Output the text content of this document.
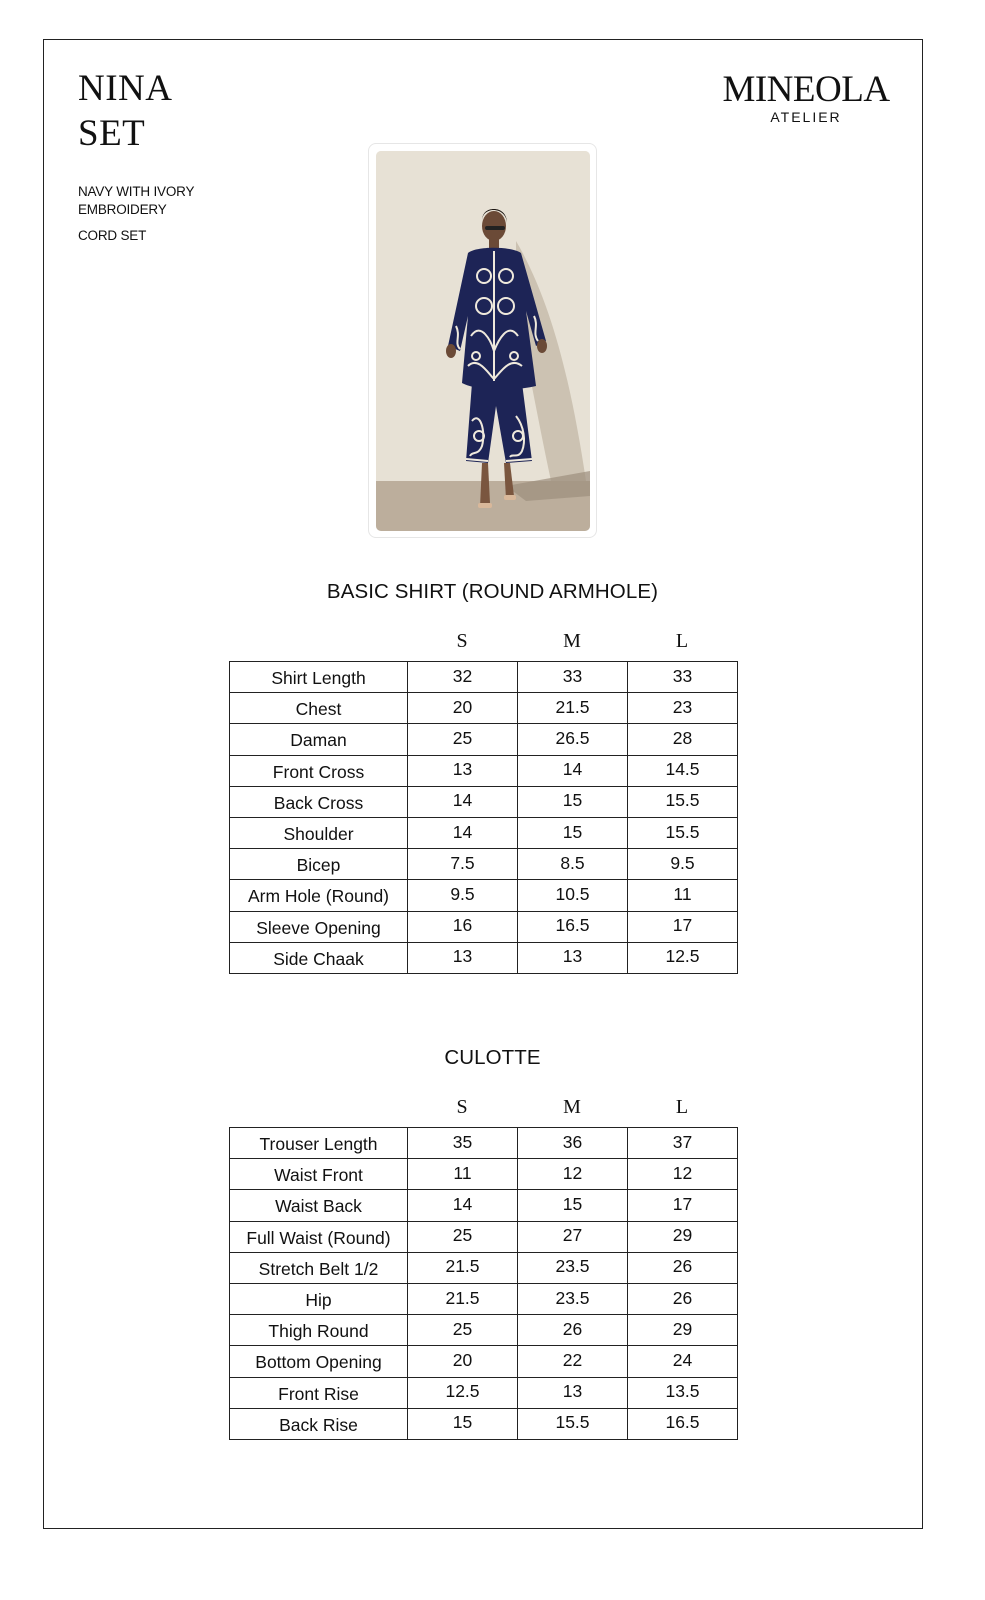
NINA
SET
NAVY WITH IVORY EMBROIDERY
CORD SET
MINEOLA
ATELIER
BASIC SHIRT (ROUND ARMHOLE)
S	M	L
Shirt Length	32	33	33
Chest	20	21.5	23
Daman	25	26.5	28
Front Cross	13	14	14.5
Back Cross	14	15	15.5
Shoulder	14	15	15.5
Bicep	7.5	8.5	9.5
Arm Hole (Round)	9.5	10.5	11
Sleeve Opening	16	16.5	17
Side Chaak	13	13	12.5
CULOTTE
S	M	L
Trouser Length	35	36	37
Waist Front	11	12	12
Waist Back	14	15	17
Full Waist (Round)	25	27	29
Stretch Belt 1/2	21.5	23.5	26
Hip	21.5	23.5	26
Thigh Round	25	26	29
Bottom Opening	20	22	24
Front Rise	12.5	13	13.5
Back Rise	15	15.5	16.5
